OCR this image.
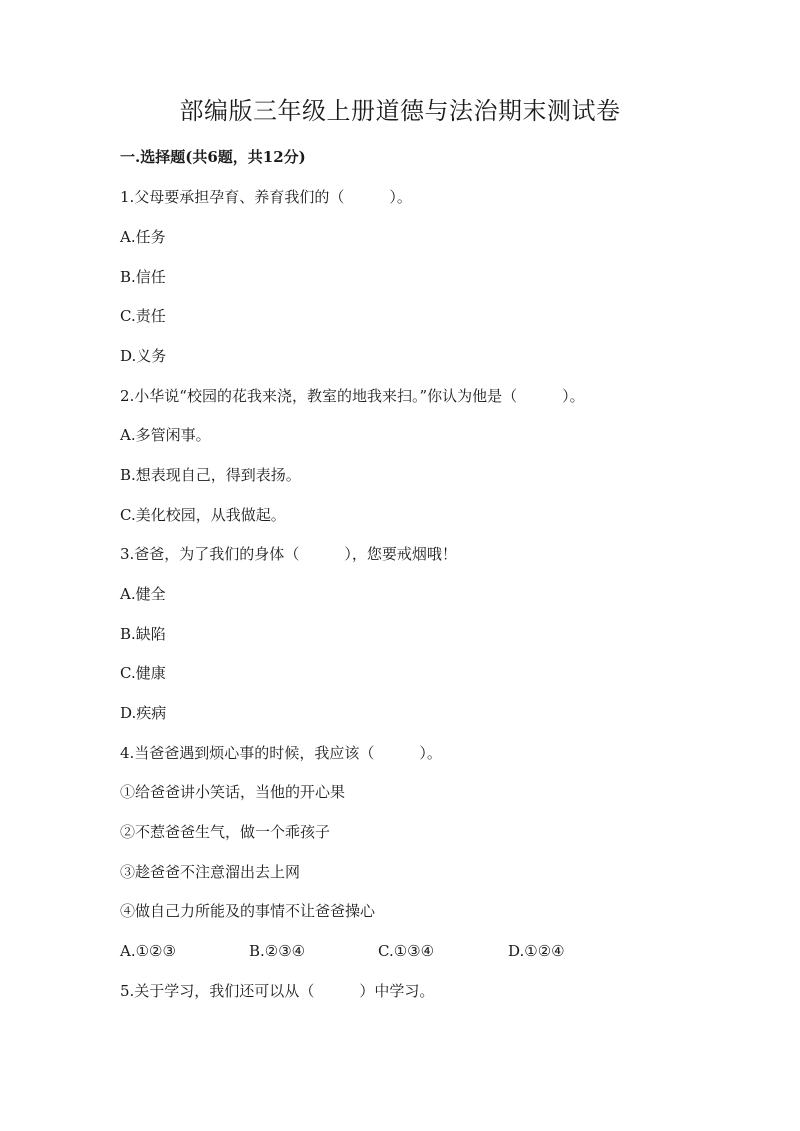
部编版三年级上册道德与法治期末测试卷
一.选择题(共6题，共12分)
1.父母要承担孕育、养育我们的（　　　）。
A.任务
B.信任
C.责任
D.义务
2.小华说“校园的花我来浇，教室的地我来扫。”你认为他是（　　　）。
A.多管闲事。
B.想表现自己，得到表扬。
C.美化校园，从我做起。
3.爸爸，为了我们的身体（　　　），您要戒烟哦！
A.健全
B.缺陷
C.健康
D.疾病
4.当爸爸遇到烦心事的时候，我应该（　　　）。
①给爸爸讲小笑话，当他的开心果
②不惹爸爸生气，做一个乖孩子
③趁爸爸不注意溜出去上网
④做自己力所能及的事情不让爸爸操心
A.①②③	B.②③④	C.①③④	D.①②④
5.关于学习，我们还可以从（　　　）中学习。
